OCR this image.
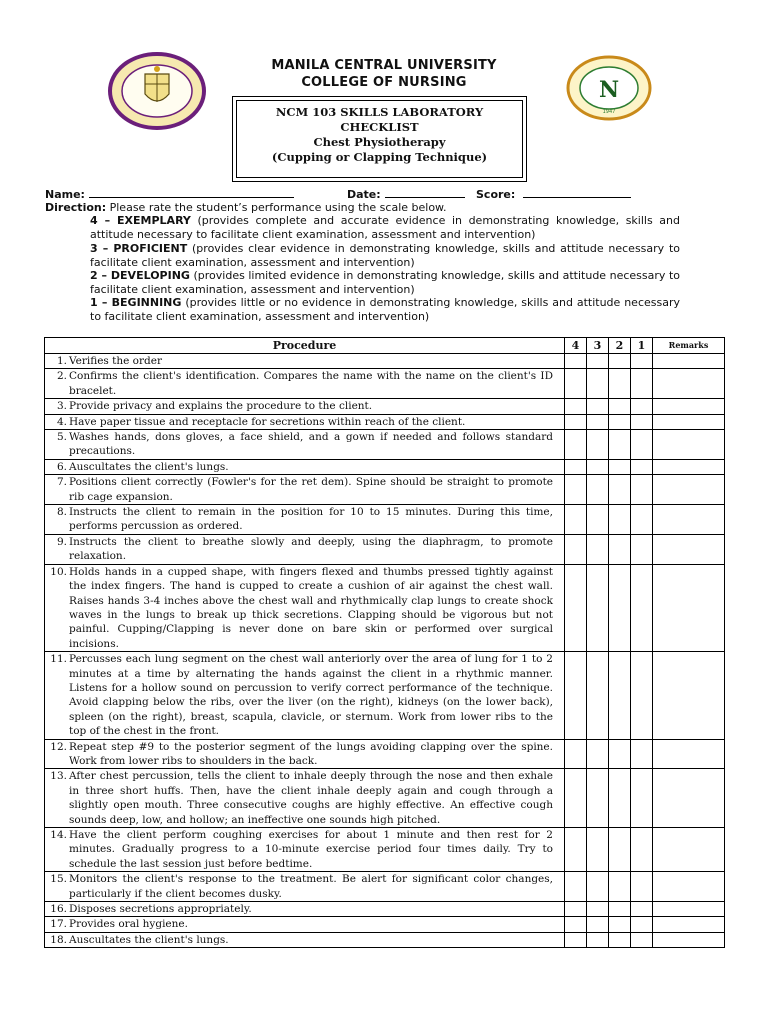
N
1947
MANILA CENTRAL UNIVERSITY
COLLEGE OF NURSING
NCM 103 SKILLS LABORATORY
CHECKLIST
Chest Physiotherapy
(Cupping or Clapping Technique)
Name:	Date:	Score:
Direction: Please rate the student’s performance using the scale below.
4 – EXEMPLARY (provides complete and accurate evidence in demonstrating knowledge, skills and attitude necessary to facilitate client examination, assessment and intervention)
3 – PROFICIENT (provides clear evidence in demonstrating knowledge, skills and attitude necessary to facilitate client examination, assessment and intervention)
2 – DEVELOPING (provides limited evidence in demonstrating knowledge, skills and attitude necessary to facilitate client examination, assessment and intervention)
1 – BEGINNING (provides little or no evidence in demonstrating knowledge, skills and attitude necessary to facilitate client examination, assessment and intervention)
Procedure	4	3	2	1	Remarks
1. Verifies the order					
2. Confirms the client's identification. Compares the name with the name on the client's ID bracelet.					
3. Provide privacy and explains the procedure to the client.					
4. Have paper tissue and receptacle for secretions within reach of the client.					
5. Washes hands, dons gloves, a face shield, and a gown if needed and follows standard precautions.					
6. Auscultates the client's lungs.					
7. Positions client correctly (Fowler's for the ret dem). Spine should be straight to promote rib cage expansion.					
8. Instructs the client to remain in the position for 10 to 15 minutes. During this time, performs percussion as ordered.					
9. Instructs the client to breathe slowly and deeply, using the diaphragm, to promote relaxation.					
10. Holds hands in a cupped shape, with fingers flexed and thumbs pressed tightly against the index fingers. The hand is cupped to create a cushion of air against the chest wall. Raises hands 3-4 inches above the chest wall and rhythmically clap lungs to create shock waves in the lungs to break up thick secretions. Clapping should be vigorous but not painful. Cupping/Clapping is never done on bare skin or performed over surgical incisions.					
11. Percusses each lung segment on the chest wall anteriorly over the area of lung for 1 to 2 minutes at a time by alternating the hands against the client in a rhythmic manner. Listens for a hollow sound on percussion to verify correct performance of the technique. Avoid clapping below the ribs, over the liver (on the right), kidneys (on the lower back), spleen (on the right), breast, scapula, clavicle, or sternum. Work from lower ribs to the top of the chest in the front.					
12. Repeat step #9 to the posterior segment of the lungs avoiding clapping over the spine. Work from lower ribs to shoulders in the back.					
13. After chest percussion, tells the client to inhale deeply through the nose and then exhale in three short huffs. Then, have the client inhale deeply again and cough through a slightly open mouth. Three consecutive coughs are highly effective. An effective cough sounds deep, low, and hollow; an ineffective one sounds high pitched.					
14. Have the client perform coughing exercises for about 1 minute and then rest for 2 minutes. Gradually progress to a 10-minute exercise period four times daily. Try to schedule the last session just before bedtime.					
15. Monitors the client's response to the treatment. Be alert for significant color changes, particularly if the client becomes dusky.					
16. Disposes secretions appropriately.					
17. Provides oral hygiene.					
18. Auscultates the client's lungs.					
